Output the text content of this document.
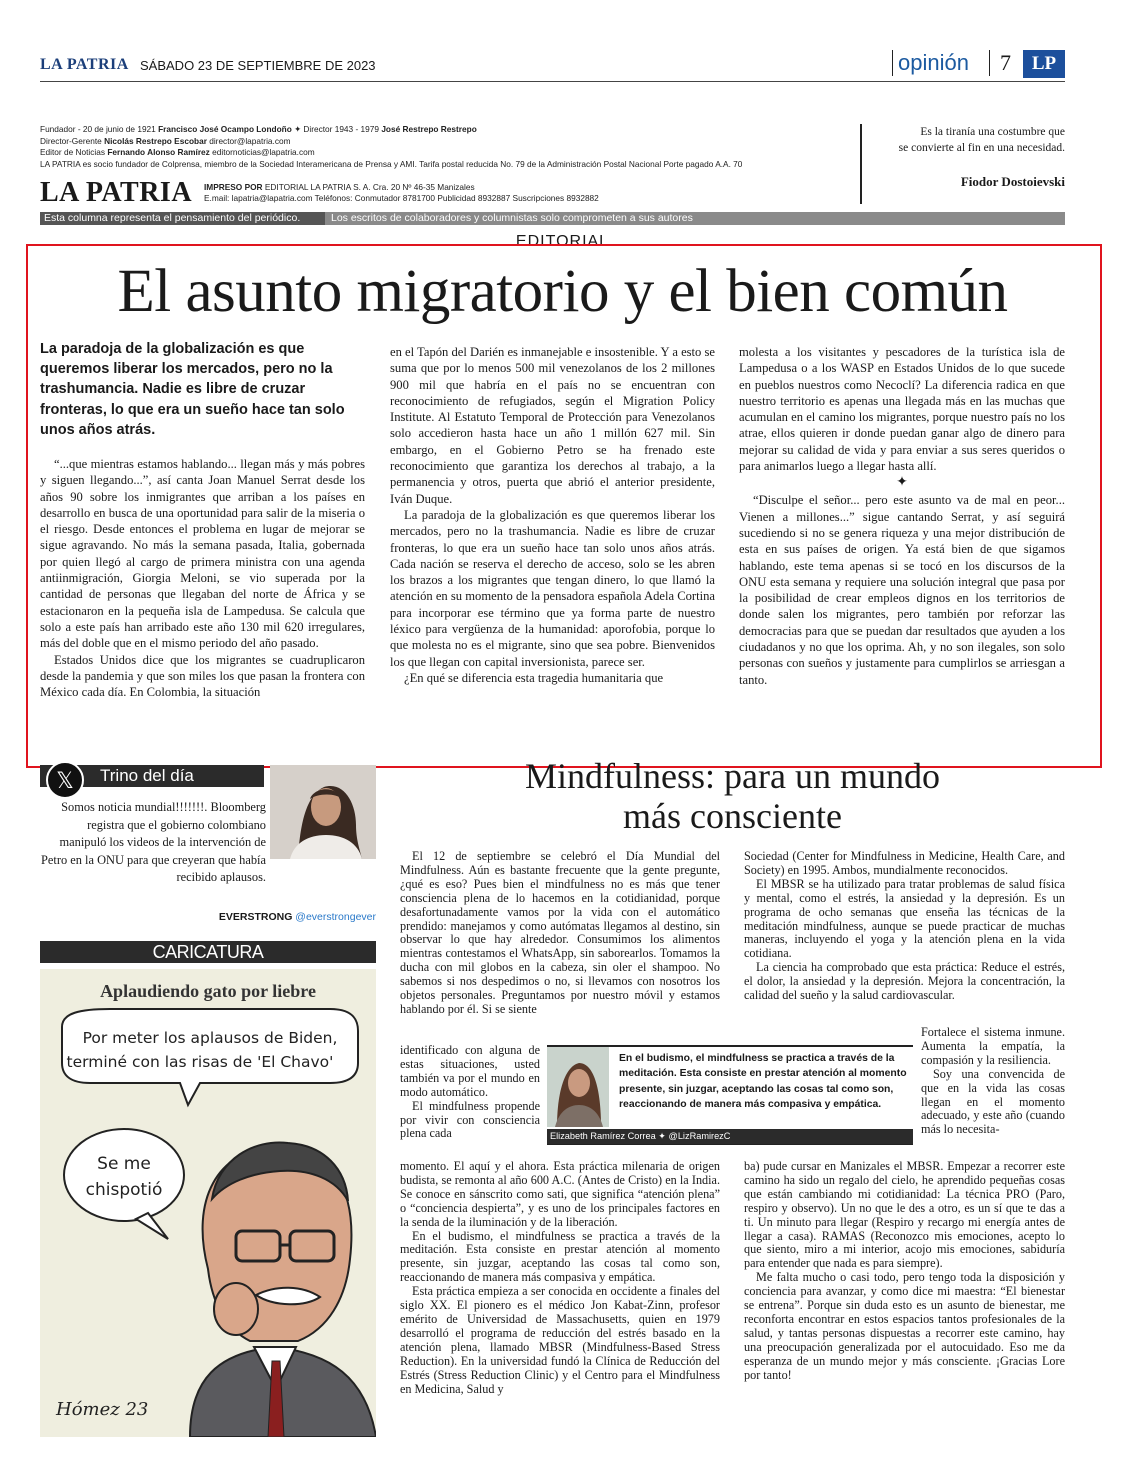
LA PATRIA SÁBADO 23 DE SEPTIEMBRE DE 2023	opinión	7	LP
Fundador - 20 de junio de 1921 Francisco José Ocampo Londoño ✦ Director 1943 - 1979 José Restrepo Restrepo
Director-Gerente Nicolás Restrepo Escobar director@lapatria.com
Editor de Noticias Fernando Alonso Ramírez editornoticias@lapatria.com
LA PATRIA es socio fundador de Colprensa, miembro de la Sociedad Interamericana de Prensa y AMI. Tarifa postal reducida No. 79 de la Administración Postal Nacional Porte pagado A.A. 70
LA PATRIA IMPRESO POR EDITORIAL LA PATRIA S. A. Cra. 20 Nº 46-35 Manizales
E.mail: lapatria@lapatria.com Teléfonos: Conmutador 8781700 Publicidad 8932887 Suscripciones 8932882
Es la tiranía una costumbre que
se convierte al fin en una necesidad.
Fiodor Dostoievski
Esta columna representa el pensamiento del periódico.	Los escritos de colaboradores y columnistas solo comprometen a sus autores
EDITORIAL
El asunto migratorio y el bien común
La paradoja de la globalización es que queremos liberar los mercados, pero no la trashumancia. Nadie es libre de cruzar fronteras, lo que era un sueño hace tan solo unos años atrás.

“...que mientras estamos hablando... llegan más y más pobres y siguen llegando...”, así canta Joan Manuel Serrat desde los años 90 sobre los inmigrantes que arriban a los países en desarrollo en busca de una oportunidad para salir de la miseria o el riesgo. Desde entonces el problema en lugar de mejorar se sigue agravando. No más la semana pasada, Italia, gobernada por quien llegó al cargo de primera ministra con una agenda antiinmigración, Giorgia Meloni, se vio superada por la cantidad de personas que llegaban del norte de África y se estacionaron en la pequeña isla de Lampedusa. Se calcula que solo a este país han arribado este año 130 mil 620 irregulares, más del doble que en el mismo periodo del año pasado.

Estados Unidos dice que los migrantes se cuadruplicaron desde la pandemia y que son miles los que pasan la frontera con México cada día. En Colombia, la situación

en el Tapón del Darién es inmanejable e insostenible. Y a esto se suma que por lo menos 500 mil venezolanos de los 2 millones 900 mil que habría en el país no se encuentran con reconocimiento de refugiados, según el Migration Policy Institute. Al Estatuto Temporal de Protección para Venezolanos solo accedieron hasta hace un año 1 millón 627 mil. Sin embargo, en el Gobierno Petro se ha frenado este reconocimiento que garantiza los derechos al trabajo, a la permanencia y otros, puerta que abrió el anterior presidente, Iván Duque.

La paradoja de la globalización es que queremos liberar los mercados, pero no la trashumancia. Nadie es libre de cruzar fronteras, lo que era un sueño hace tan solo unos años atrás. Cada nación se reserva el derecho de acceso, solo se les abren los brazos a los migrantes que tengan dinero, lo que llamó la atención en su momento de la pensadora española Adela Cortina para incorporar ese término que ya forma parte de nuestro léxico para vergüenza de la humanidad: aporofobia, porque lo que molesta no es el migrante, sino que sea pobre. Bienvenidos los que llegan con capital inversionista, parece ser.

¿En qué se diferencia esta tragedia humanitaria que

molesta a los visitantes y pescadores de la turística isla de Lampedusa o a los WASP en Estados Unidos de lo que sucede en pueblos nuestros como Necoclí? La diferencia radica en que nuestro territorio es apenas una llegada más en las muchas que acumulan en el camino los migrantes, porque nuestro país no los atrae, ellos quieren ir donde puedan ganar algo de dinero para mejorar su calidad de vida y para enviar a sus seres queridos o para animarlos luego a llegar hasta allí.

✦

“Disculpe el señor... pero este asunto va de mal en peor... Vienen a millones...” sigue cantando Serrat, y así seguirá sucediendo si no se genera riqueza y una mejor distribución de esta en sus países de origen. Ya está bien de que sigamos hablando, este tema apenas si se tocó en los discursos de la ONU esta semana y requiere una solución integral que pasa por la posibilidad de crear empleos dignos en los territorios de donde salen los migrantes, pero también por reforzar las democracias para que se puedan dar resultados que ayuden a los ciudadanos y no que los oprima. Ah, y no son ilegales, son solo personas con sueños y justamente para cumplirlos se arriesgan a tanto.

Trino del día
𝕏
Somos noticia mundial!!!!!!!. Bloomberg registra que el gobierno colombiano manipuló los videos de la intervención de Petro en la ONU para que creyeran que había recibido aplausos.
EVERSTRONG @everstrongever
CARICATURA
Aplaudiendo gato por liebre
Por meter los aplausos de Biden,
terminé con las risas de 'El Chavo'
Se me
chispotió
Hómez 23
Mindfulness: para un mundo
más consciente

El 12 de septiembre se celebró el Día Mundial del Mindfulness. Aún es bastante frecuente que la gente pregunte, ¿qué es eso? Pues bien el mindfulness no es más que tener consciencia plena de lo hacemos en la cotidianidad, porque desafortunadamente vamos por la vida con el automático prendido: manejamos y como autómatas llegamos al destino, sin observar lo que hay alrededor. Consumimos los alimentos mientras contestamos el WhatsApp, sin saborearlos. Tomamos la ducha con mil globos en la cabeza, sin oler el shampoo. No sabemos si nos despedimos o no, si llevamos con nosotros los objetos personales. Preguntamos por nuestro móvil y estamos hablando por él. Si se siente

identificado con alguna de estas situaciones, usted también va por el mundo en modo automático.

El mindfulness propende por vivir con consciencia plena cada

momento. El aquí y el ahora. Esta práctica milenaria de origen budista, se remonta al año 600 A.C. (Antes de Cristo) en la India. Se conoce en sánscrito como sati, que significa “atención plena” o “conciencia despierta”, y es uno de los principales factores en la senda de la iluminación y de la liberación.

En el budismo, el mindfulness se practica a través de la meditación. Esta consiste en prestar atención al momento presente, sin juzgar, aceptando las cosas tal como son, reaccionando de manera más compasiva y empática.

Esta práctica empieza a ser conocida en occidente a finales del siglo XX. El pionero es el médico Jon Kabat-Zinn, profesor emérito de Universidad de Massachusetts, quien en 1979 desarrolló el programa de reducción del estrés basado en la atención plena, llamado MBSR (Mindfulness-Based Stress Reduction). En la universidad fundó la Clínica de Reducción del Estrés (Stress Reduction Clinic) y el Centro para el Mindfulness en Medicina, Salud y

Sociedad (Center for Mindfulness in Medicine, Health Care, and Society) en 1995. Ambos, mundialmente reconocidos.

El MBSR se ha utilizado para tratar problemas de salud física y mental, como el estrés, la ansiedad y la depresión. Es un programa de ocho semanas que enseña las técnicas de la meditación mindfulness, aunque se puede practicar de muchas maneras, incluyendo el yoga y la atención plena en la vida cotidiana.

La ciencia ha comprobado que esta práctica: Reduce el estrés, el dolor, la ansiedad y la depresión. Mejora la concentración, la calidad del sueño y la salud cardiovascular.

Fortalece el sistema inmune. Aumenta la empatía, la compasión y la resiliencia.

Soy una convencida de que en la vida las cosas llegan en el momento adecuado, y este año (cuando más lo necesita-

ba) pude cursar en Manizales el MBSR. Empezar a recorrer este camino ha sido un regalo del cielo, he aprendido pequeñas cosas que están cambiando mi cotidianidad: La técnica PRO (Paro, respiro y observo). Un no que le des a otro, es un sí que te das a ti. Un minuto para llegar (Respiro y recargo mi energía antes de llegar a casa). RAMAS (Reconozco mis emociones, acepto lo que siento, miro a mi interior, acojo mis emociones, sabiduría para entender que nada es para siempre).

Me falta mucho o casi todo, pero tengo toda la disposición y conciencia para avanzar, y como dice mi maestra: “El bienestar se entrena”. Porque sin duda esto es un asunto de bienestar, me reconforta encontrar en estos espacios tantos profesionales de la salud, y tantas personas dispuestas a recorrer este camino, hay una preocupación generalizada por el autocuidado. Eso me da esperanza de un mundo mejor y más consciente. ¡Gracias Lore por tanto!

En el budismo, el mindfulness se practica a través de la meditación. Esta consiste en prestar atención al momento presente, sin juzgar, aceptando las cosas tal como son, reaccionando de manera más compasiva y empática.
Elizabeth Ramírez Correa ✦ @LizRamirezC
